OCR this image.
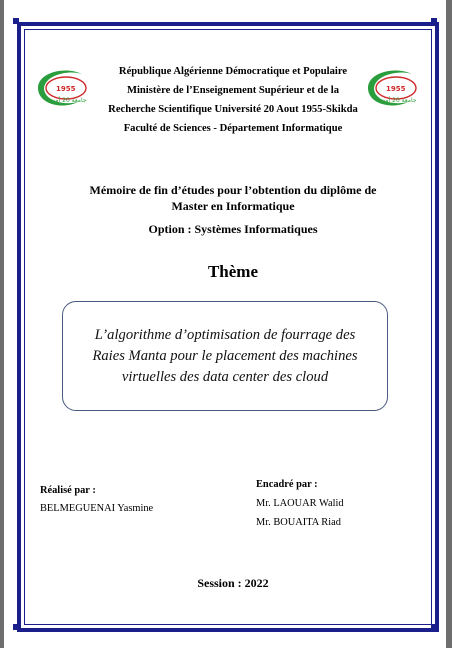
1955
جامعة 20 أوت
1955
جامعة 20 أوت
République Algérienne Démocratique et Populaire
Ministère de l’Enseignement Supérieur et de la
Recherche Scientifique Université 20 Aout 1955-Skikda
Faculté de Sciences - Département Informatique
Mémoire de fin d’études pour l’obtention du diplôme de
Master en Informatique
Option : Systèmes Informatiques
Thème
L’algorithme d’optimisation de fourrage des
Raies Manta pour le placement des machines
virtuelles des data center des cloud
Réalisé par :
BELMEGUENAI Yasmine
Encadré par :
Mr. LAOUAR Walid
Mr. BOUAITA Riad
Session : 2022
